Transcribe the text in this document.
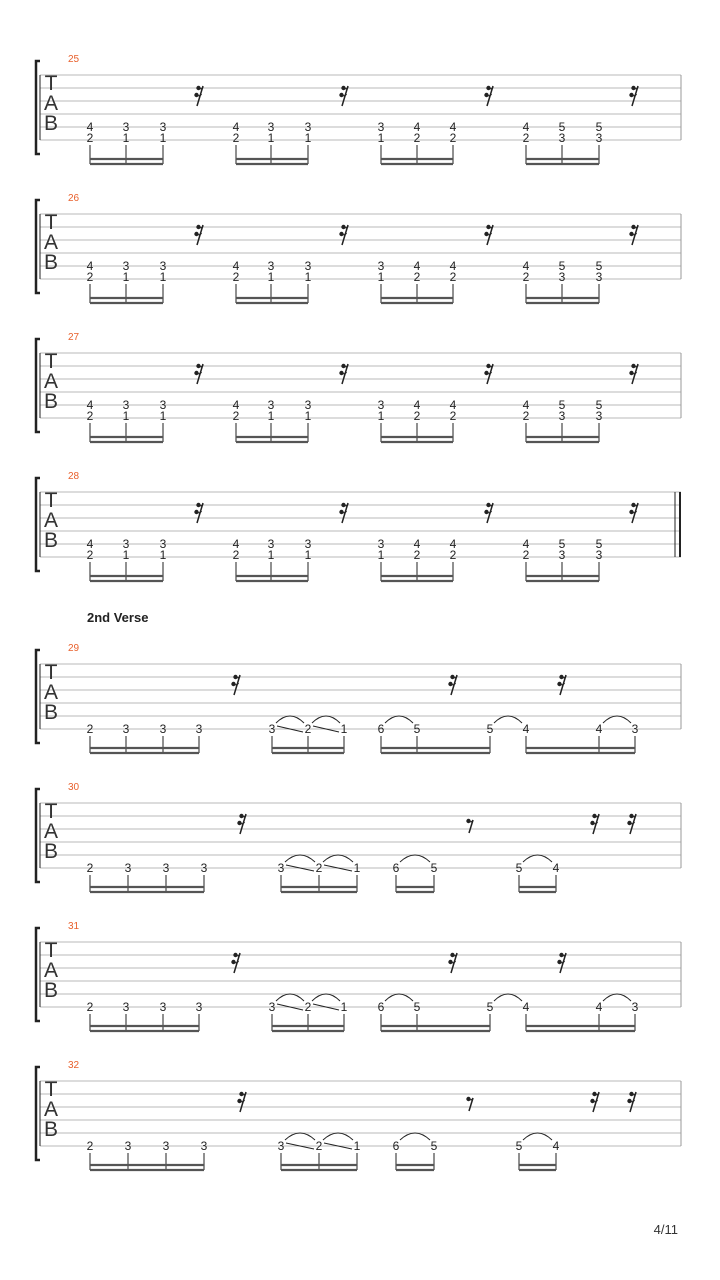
2nd Verse
25
T
A
B 4
2
3
1
3
1
4
2
3
1
3
1
3
1
4
2
4
2
4
2
5
3
5
3
26
T
A
B 4
2
3
1
3
1
4
2
3
1
3
1
3
1
4
2
4
2
4
2
5
3
5
3
27
T
A
B 4
2
3
1
3
1
4
2
3
1
3
1
3
1
4
2
4
2
4
2
5
3
5
3
28
T
A
B 4
2
3
1
3
1
4
2
3
1
3
1
3
1
4
2
4
2
4
2
5
3
5
3
29
T
A
B
2 3	3 3	3 2 1	6 5	5 4	4 3
30
T
A
B
2	3	3	3	3	2	1	6	5	5	4
31
T
A
B
2 3	3 3	3 2 1	6 5	5 4	4 3
32
T
A
B
2	3	3	3	3	2	1	6	5	5	4
4/11
